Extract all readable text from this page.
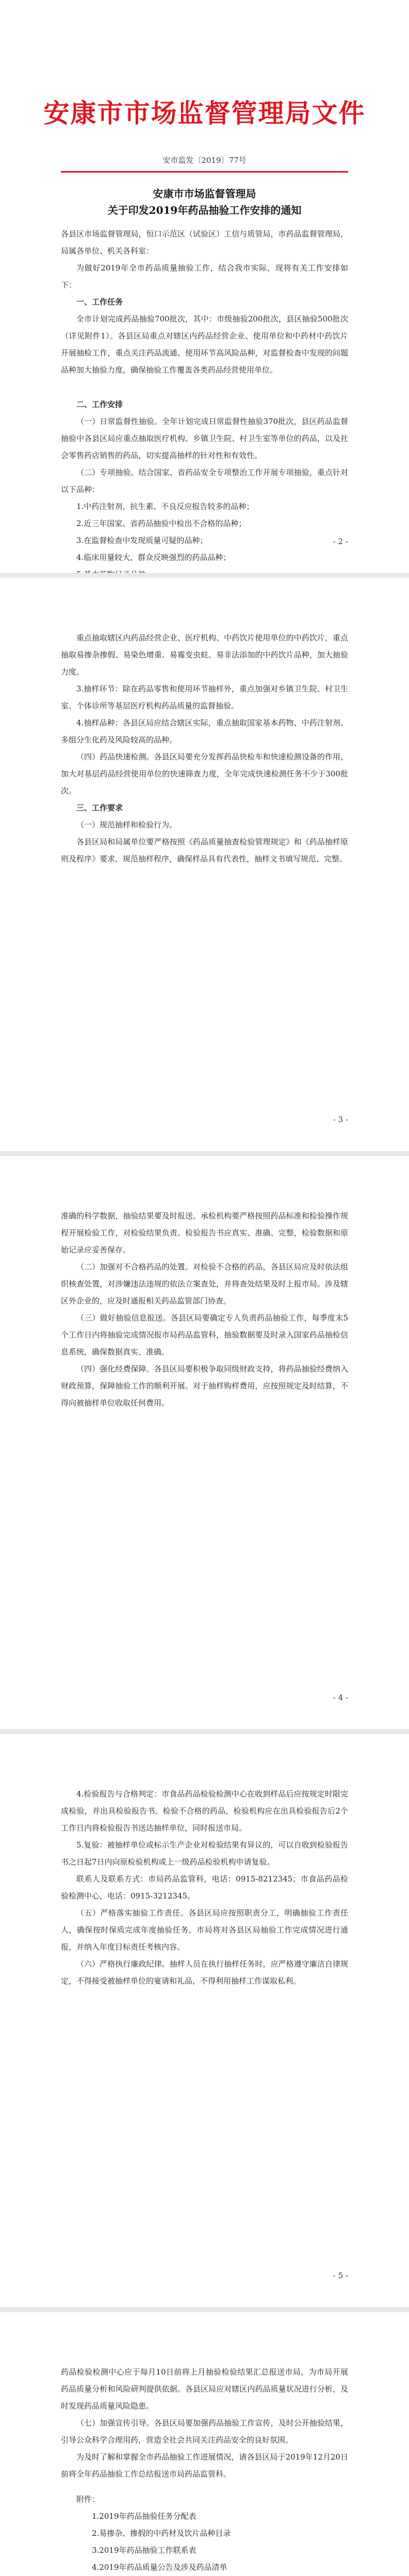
安康市市场监督管理局文件
安市监发〔2019〕77号
安康市市场监督管理局
关于印发2019年药品抽验工作安排的通知

各县区市场监督管理局，恒口示范区（试验区）工信与质管局，市药品监督管理局，局属各单位、机关各科室：

为做好2019年全市药品质量抽验工作，结合我市实际，现将有关工作安排如下：

一、工作任务

全市计划完成药品抽验700批次，其中：市级抽验200批次，县区抽验500批次（详见附件1）。各县区局重点对辖区内药品经营企业、使用单位和中药材中药饮片开展抽检工作，重点关注药品流通、使用环节高风险品种，对监督检查中发现的问题品种加大抽验力度，确保抽验工作覆盖各类药品经营使用单位。

二、工作安排

（一）日常监督性抽验。全年计划完成日常监督性抽验370批次，县区药品监督抽验中各县区局应重点抽取医疗机构、乡镇卫生院、村卫生室等单位的药品，以及社会零售药店销售的药品，切实提高抽样的针对性和有效性。

（二）专项抽验。结合国家、省药品安全专项整治工作开展专项抽验，重点针对以下品种：

1.中药注射剂、抗生素、不良反应报告较多的品种；

2.近三年国家、省药品抽验中检出不合格的品种；

3.在监督检查中发现质量可疑的品种；

4.临床用量较大、群众反映强烈的药品品种；

- 2 -

重点抽取辖区内药品经营企业、医疗机构、中药饮片使用单位的中药饮片，重点抽取易掺杂掺假、易染色增重、易霉变虫蛀、易非法添加的中药饮片品种，加大抽验力度。

3.抽样环节：除在药品零售和使用环节抽样外，重点加强对乡镇卫生院、村卫生室、个体诊所等基层医疗机构药品质量的监督抽验。

4.抽样品种：各县区局应结合辖区实际，重点抽取国家基本药物、中药注射剂、多组分生化药及风险较高的品种。

（四）药品快速检测。各县区局要充分发挥药品快检车和快速检测设备的作用，加大对基层药品经营使用单位的快速筛查力度，全年完成快速检测任务不少于300批次。

三、工作要求

（一）规范抽样和检验行为。

各县区局和局属单位要严格按照《药品质量抽查检验管理规定》和《药品抽样原则及程序》要求，规范抽样程序，确保样品具有代表性，抽样文书填写规范、完整。

- 3 -

准确的科学数据，抽验结果要及时报送。承检机构要严格按照药品标准和检验操作规程开展检验工作，对检验结果负责。检验报告书应真实、准确、完整，检验数据和原始记录应妥善保存。

（二）加强对不合格药品的处置。对检验不合格的药品，各县区局应及时依法组织核查处置，对涉嫌违法违规的依法立案查处，并将查处结果及时上报市局。涉及辖区外企业的，应及时通报相关药品监管部门协查。

（三）做好抽验信息报送。各县区局要确定专人负责药品抽验工作，每季度末5个工作日内将抽验完成情况报市局药品监管科，抽验数据要及时录入国家药品抽检信息系统，确保数据真实、准确。

（四）强化经费保障。各县区局要积极争取同级财政支持，将药品抽验经费纳入财政预算，保障抽验工作的顺利开展。对于抽样购样费用，应按照规定及时结算，不得向被抽样单位收取任何费用。

- 4 -

4.检验报告与合格判定：市食品药品检验检测中心在收到样品后应按规定时限完成检验，并出具检验报告书。检验不合格的药品，检验机构应在出具检验报告后2个工作日内将检验报告书送达抽样单位，同时报送市局。

5.复验：被抽样单位或标示生产企业对检验结果有异议的，可以自收到检验报告书之日起7日内向原检验机构或上一级药品检验机构申请复验。

联系人及联系方式：市局药品监管科，电话：0915-8212345；市食品药品检验检测中心，电话：0915-3212345。

（五）严格落实抽验工作责任。各县区局应按照职责分工，明确抽验工作责任人，确保按时保质完成年度抽验任务。市局将对各县区局抽验工作完成情况进行通报，并纳入年度目标责任考核内容。

（六）严格执行廉政纪律。抽样人员在执行抽样任务时，应严格遵守廉洁自律规定，不得接受被抽样单位的宴请和礼品，不得利用抽样工作谋取私利。

- 5 -

药品检验检测中心应于每月10日前将上月抽验检验结果汇总报送市局，为市局开展药品质量分析和风险研判提供依据。各县区局应对辖区内药品质量状况进行分析，及时发现药品质量风险隐患。

（七）加强宣传引导。各县区局要加强药品抽验工作宣传，及时公开抽验结果，引导公众科学合理用药，营造全社会共同关注药品安全的良好氛围。

为及时了解和掌握全市药品抽验工作进展情况，请各县区局于2019年12月20日前将全年药品抽验工作总结报送市局药品监管科。

附件：

1.2019年药品抽验任务分配表

2.易掺杂、掺假的中药材及饮片品种目录

3.2019年药品抽验工作联系表

4.2019年药品质量公告及涉及药品清单
